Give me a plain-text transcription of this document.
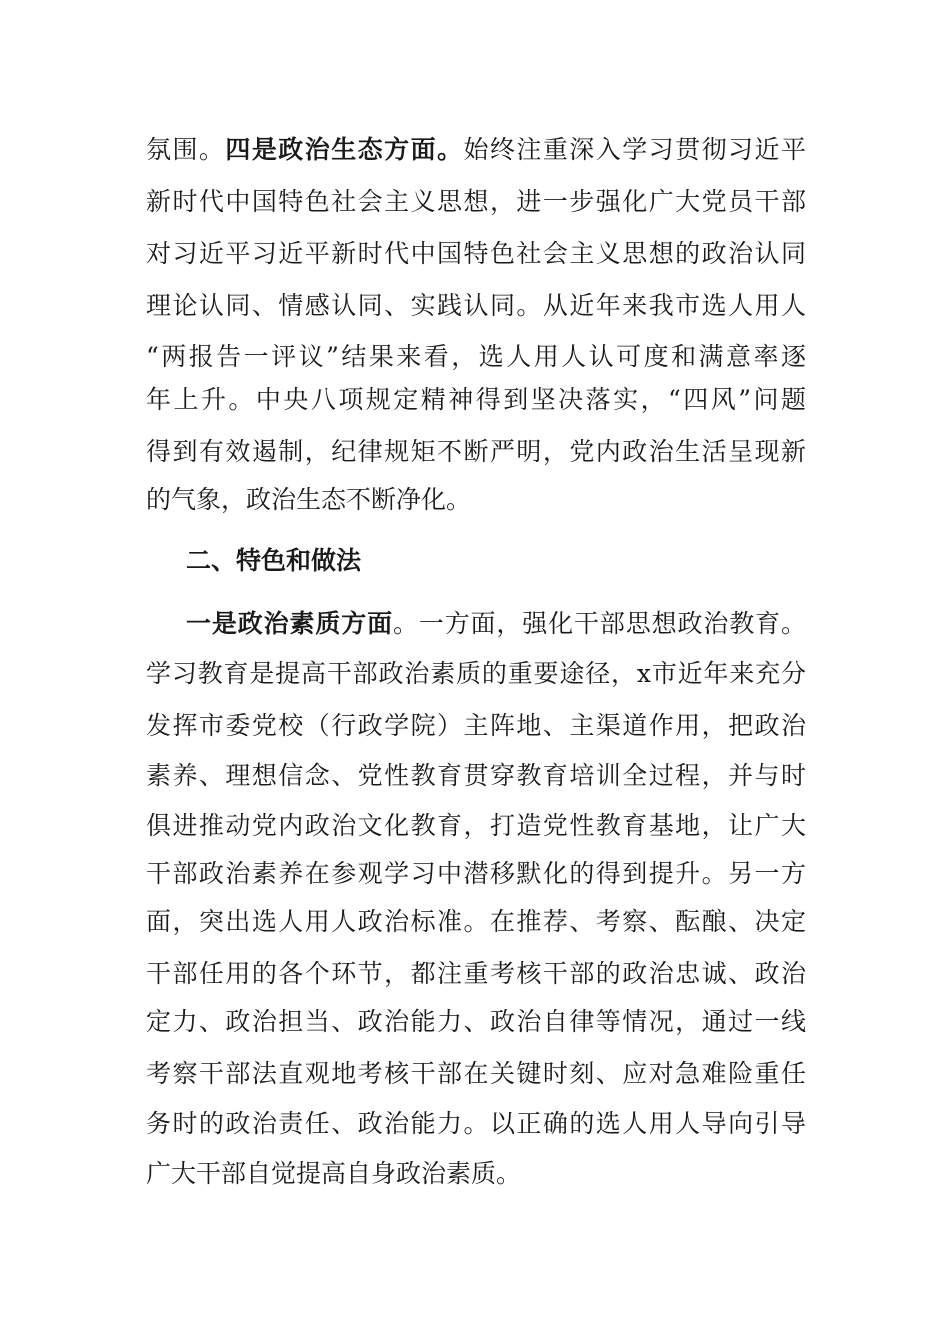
氛围。四是政治生态方面。始终注重深入学习贯彻习近平
新时代中国特色社会主义思想，进一步强化广大党员干部
对习近平习近平新时代中国特色社会主义思想的政治认同
理论认同、情感认同、实践认同。从近年来我市选人用人
“两报告一评议”结果来看，选人用人认可度和满意率逐
年上升。中央八项规定精神得到坚决落实，“四风”问题
得到有效遏制，纪律规矩不断严明，党内政治生活呈现新
的气象，政治生态不断净化。
二、特色和做法
一是政治素质方面。一方面，强化干部思想政治教育。
学习教育是提高干部政治素质的重要途径，x市近年来充分
发挥市委党校（行政学院）主阵地、主渠道作用，把政治
素养、理想信念、党性教育贯穿教育培训全过程，并与时
俱进推动党内政治文化教育，打造党性教育基地，让广大
干部政治素养在参观学习中潜移默化的得到提升。另一方
面，突出选人用人政治标准。在推荐、考察、酝酿、决定
干部任用的各个环节，都注重考核干部的政治忠诚、政治
定力、政治担当、政治能力、政治自律等情况，通过一线
考察干部法直观地考核干部在关键时刻、应对急难险重任
务时的政治责任、政治能力。以正确的选人用人导向引导
广大干部自觉提高自身政治素质。
